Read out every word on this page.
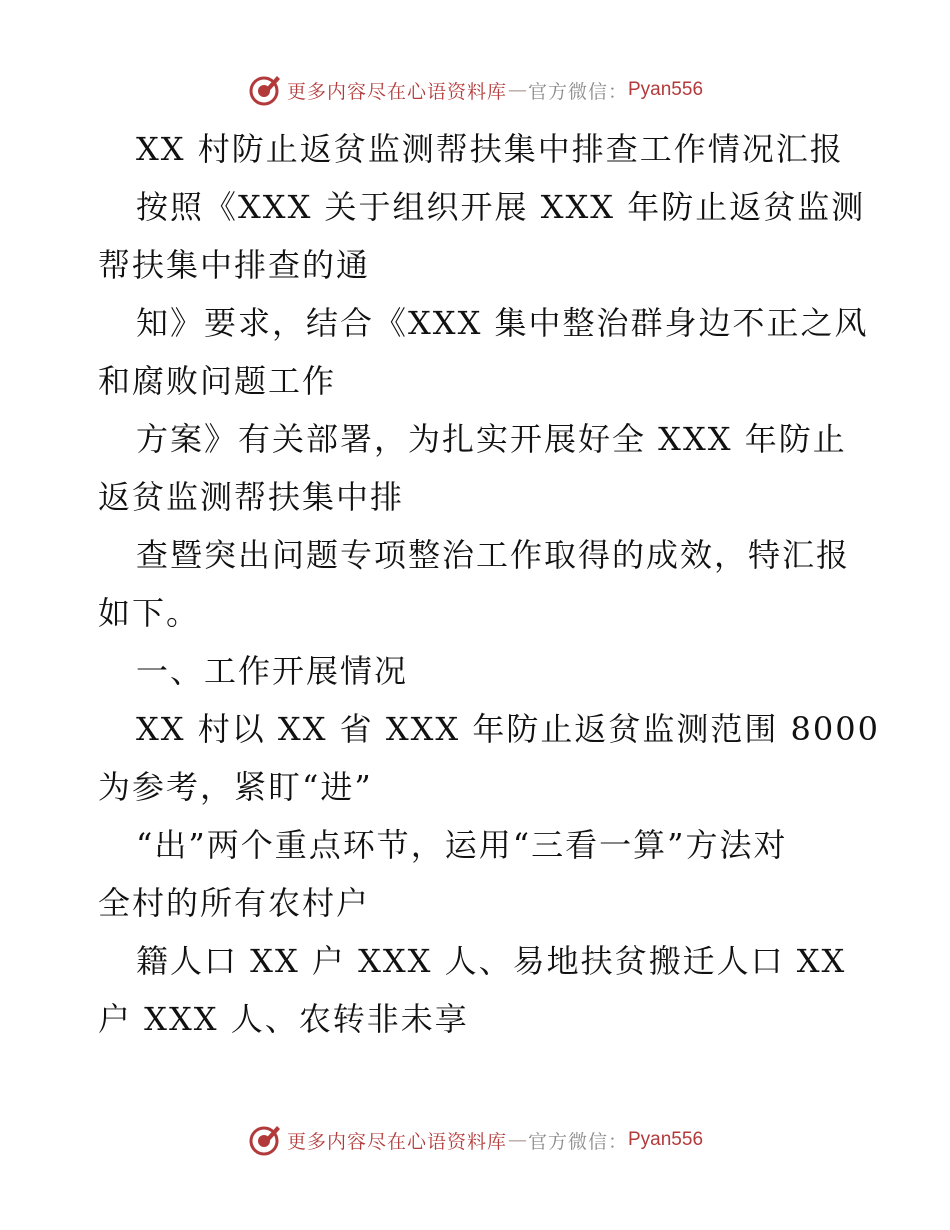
更多内容尽在心语资料库 — 官方微信： Pyan556
XX 村防止返贫监测帮扶集中排查工作情况汇报
按照《XXX 关于组织开展 XXX 年防止返贫监测
帮扶集中排查的通
知》要求，结合《XXX 集中整治群身边不正之风
和腐败问题工作
方案》有关部署，为扎实开展好全 XXX 年防止
返贫监测帮扶集中排
查暨突出问题专项整治工作取得的成效，特汇报
如下。
一、工作开展情况
XX 村以 XX 省 XXX 年防止返贫监测范围 8000
为参考，紧盯“进”
“出”两个重点环节，运用“三看一算”方法对
全村的所有农村户
籍人口 XX 户 XXX 人、易地扶贫搬迁人口 XX
户 XXX 人、农转非未享
更多内容尽在心语资料库 — 官方微信： Pyan556
